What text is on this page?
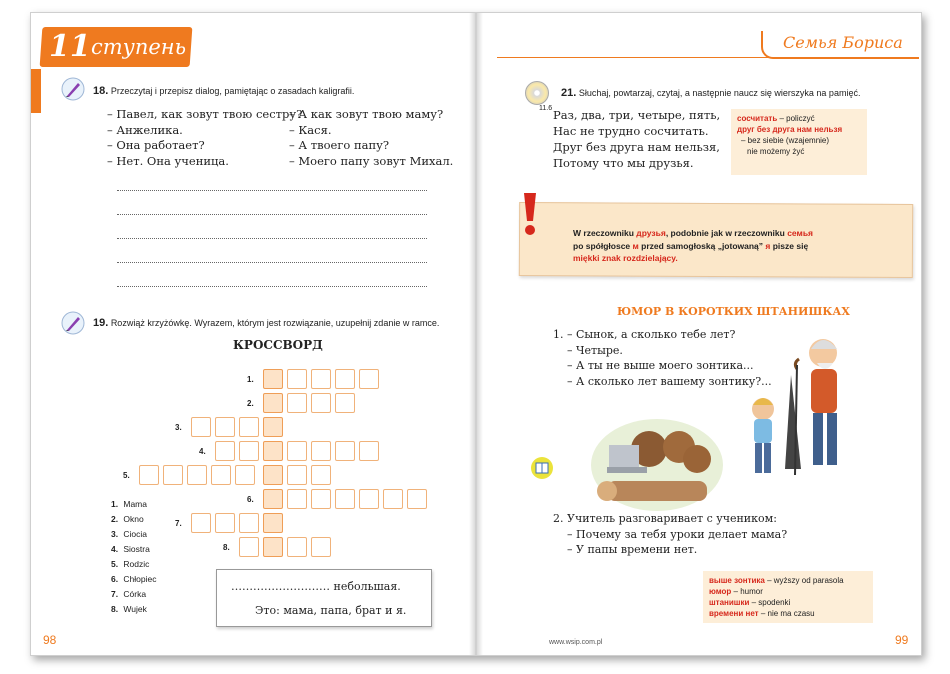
11 ступень
18. Przeczytaj i przepisz dialog, pamiętając o zasadach kaligrafii.
– Павел, как зовут твою сестру?
– Анжелика.
– Она работает?
– Нет. Она ученица.
– А как зовут твою маму?
– Кася.
– А твоего папу?
– Моего папу зовут Михал.
19. Rozwiąż krzyżówkę. Wyrazem, którym jest rozwiązanie, uzupełnij zdanie w ramce.
КРОССВОРД
1.
2.
3.
4.
5.
6.
7.
8.
1. Mama
2. Okno
3. Ciocia
4. Siostra
5. Rodzic
6. Chłopiec
7. Córka
8. Wujek
……………………… небольшая.
Это: мама, папа, брат и я.
98
Семья Бориса
11.6
21. Słuchaj, powtarzaj, czytaj, a następnie naucz się wierszyka na pamięć.
Раз, два, три, четыре, пять,
Нас не трудно сосчитать.
Друг без друга нам нельзя,
Потому что мы друзья.
сосчитать – policzyć
друг без друга нам нельзя
– bez siebie (wzajemnie)
nie możemy żyć
W rzeczowniku друзья, podobnie jak w rzeczowniku семья
po spółgłosce м przed samogłoską „jotowaną” я pisze się
miękki znak rozdzielający.
ЮМОР В КОРОТКИХ ШТАНИШКАХ
1. – Сынок, а сколько тебе лет?
– Четыре.
– А ты не выше моего зонтика...
– А сколько лет вашему зонтику?...
2. Учитель разговаривает с учеником:
– Почему за тебя уроки делает мама?
– У папы времени нет.
выше зонтика – wyższy od parasola
юмор – humor
штанишки – spodenki
времени нет – nie ma czasu
www.wsip.com.pl	99
